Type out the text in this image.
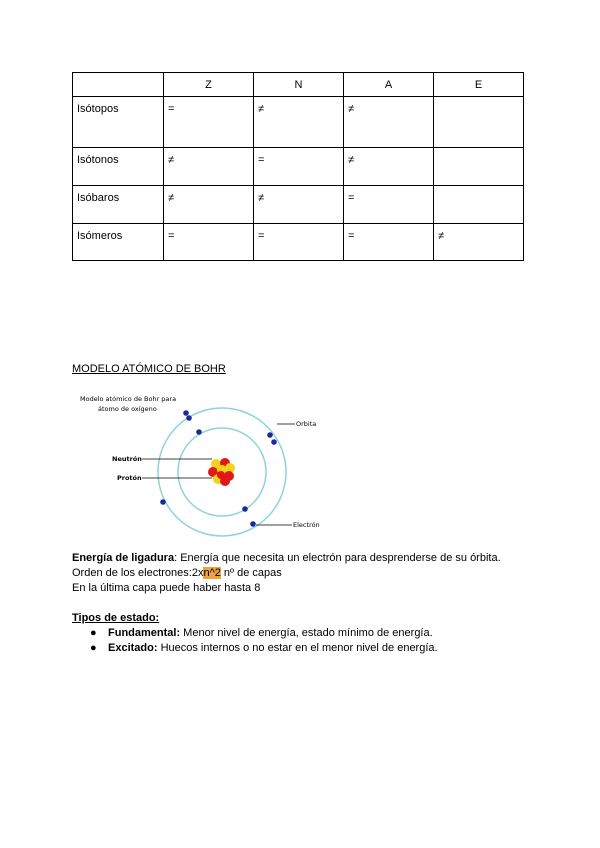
	Z	N	A	E

Isótopos	=	≠	≠	

Isótonos	≠	=	≠	

Isóbaros	≠	≠	=	

Isómeros	=	=	=	≠
MODELO ATÓMICO DE BOHR
Modelo atómico de Bohr para
átomo de oxígeno
Orbita
Neutrón
Protón
Electrón
Energía de ligadura: Energía que necesita un electrón para desprenderse de su órbita.
Orden de los electrones:2xn^2 nº de capas
En la última capa puede haber hasta 8
Tipos de estado:
● Fundamental: Menor nivel de energía, estado mínimo de energía.
● Excitado: Huecos internos o no estar en el menor nivel de energía.
